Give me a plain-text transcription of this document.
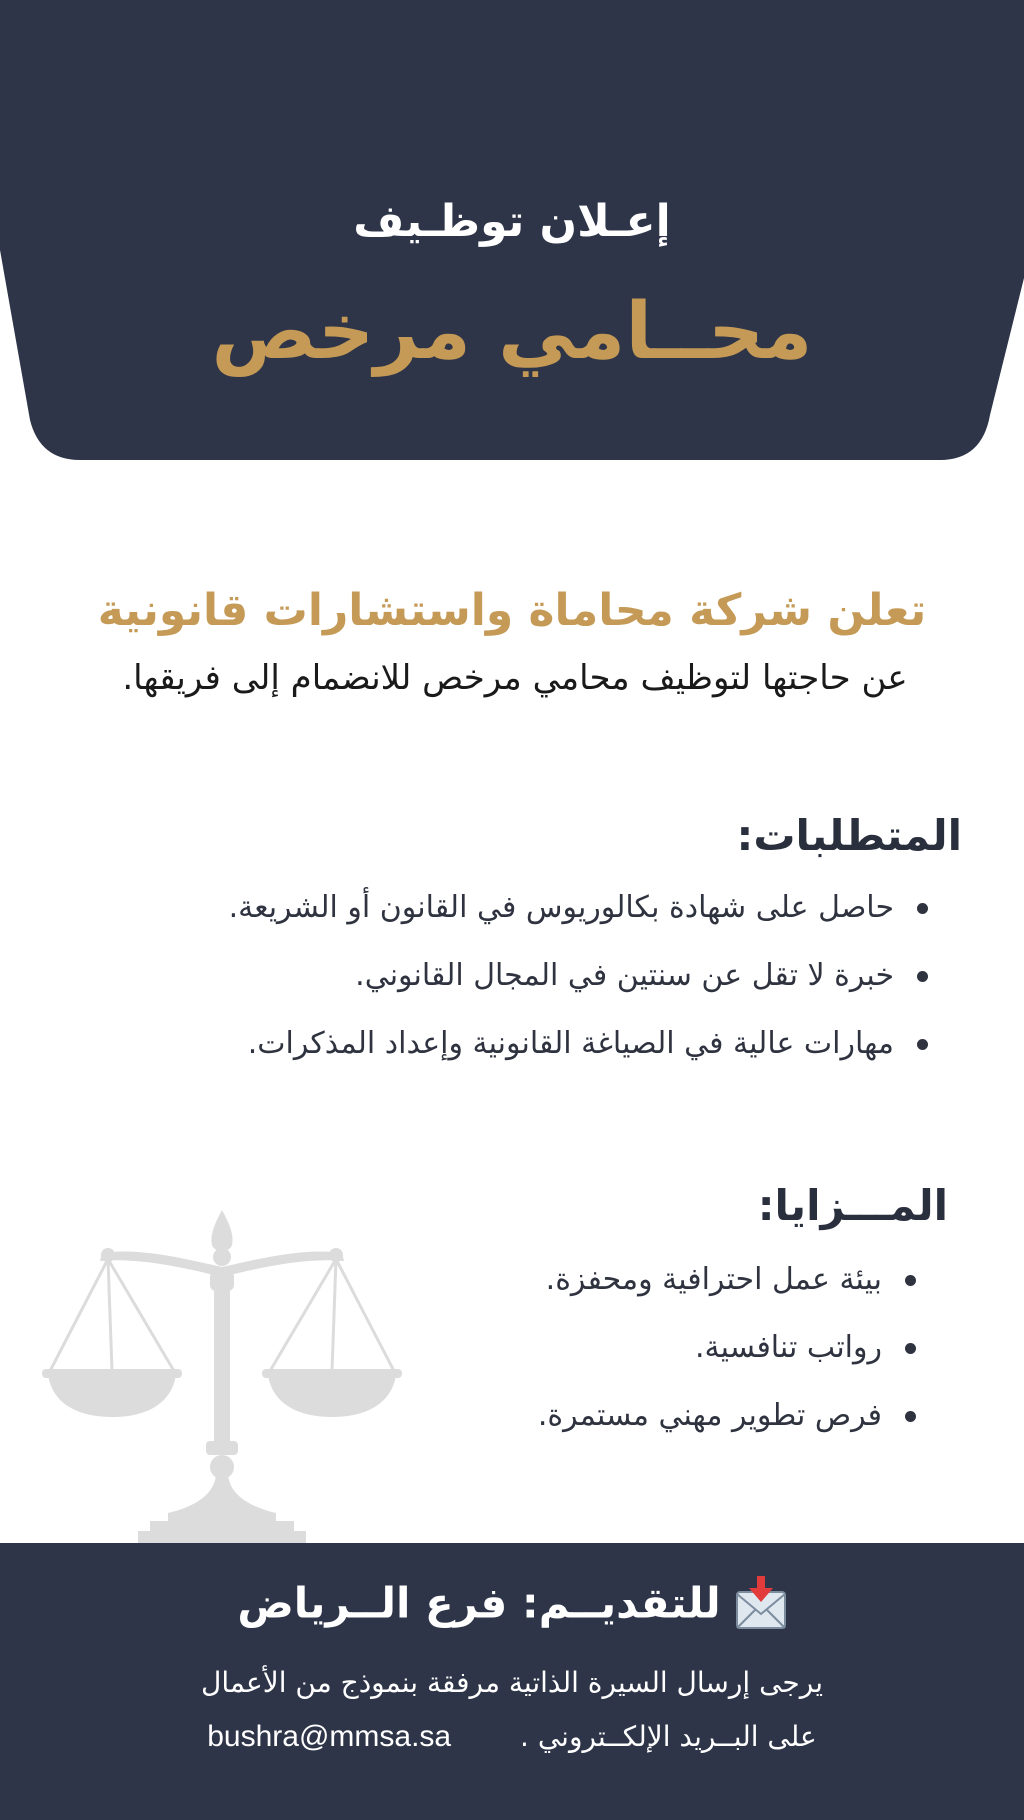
إعـلان توظـيف
محــامي مرخص
تعلن شركة محاماة واستشارات قانونية
عن حاجتها لتوظيف محامي مرخص للانضمام إلى فريقها.
المتطلبات:
حاصل على شهادة بكالوريوس في القانون أو الشريعة.
خبرة لا تقل عن سنتين في المجال القانوني.
مهارات عالية في الصياغة القانونية وإعداد المذكرات.
المـــزايا:
بيئة عمل احترافية ومحفزة.
رواتب تنافسية.
فرص تطوير مهني مستمرة.
للتقديــم: فرع الــرياض
يرجى إرسال السيرة الذاتية مرفقة بنموذج من الأعمال
على البــريد الإلكــتروني . bushra@mmsa.sa
